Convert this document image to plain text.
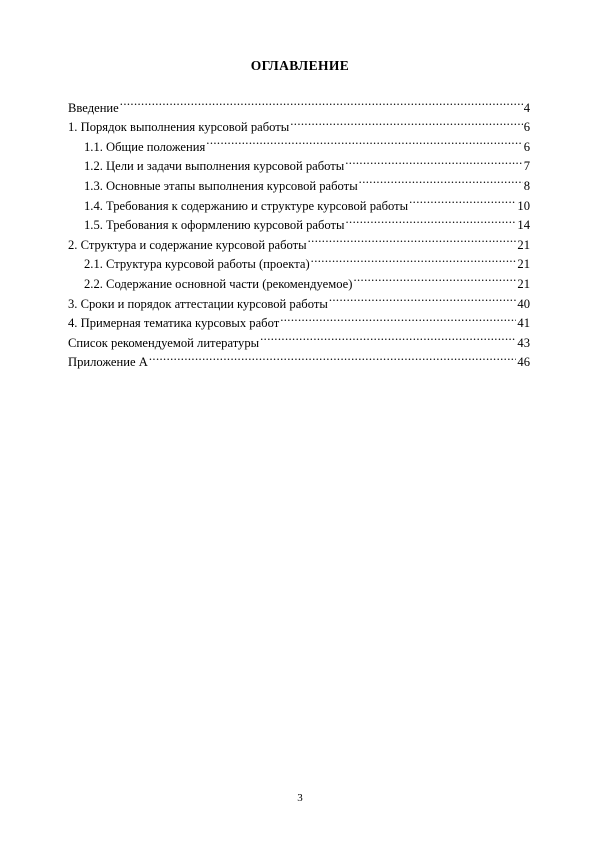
ОГЛАВЛЕНИЕ
Введение .....	4
1. Порядок выполнения курсовой работы .....	6
1.1. Общие положения .....	6
1.2. Цели и задачи выполнения курсовой работы .....	7
1.3. Основные этапы выполнения курсовой работы .....	8
1.4. Требования к содержанию и структуре курсовой работы .....	10
1.5. Требования к оформлению курсовой работы .....	14
2. Структура и содержание курсовой работы .....	21
2.1. Структура курсовой работы (проекта) .....	21
2.2. Содержание основной части (рекомендуемое) .....	21
3. Сроки и порядок аттестации курсовой работы .....	40
4. Примерная тематика курсовых работ .....	41
Список рекомендуемой литературы .....	43
Приложение А .....	46
3
